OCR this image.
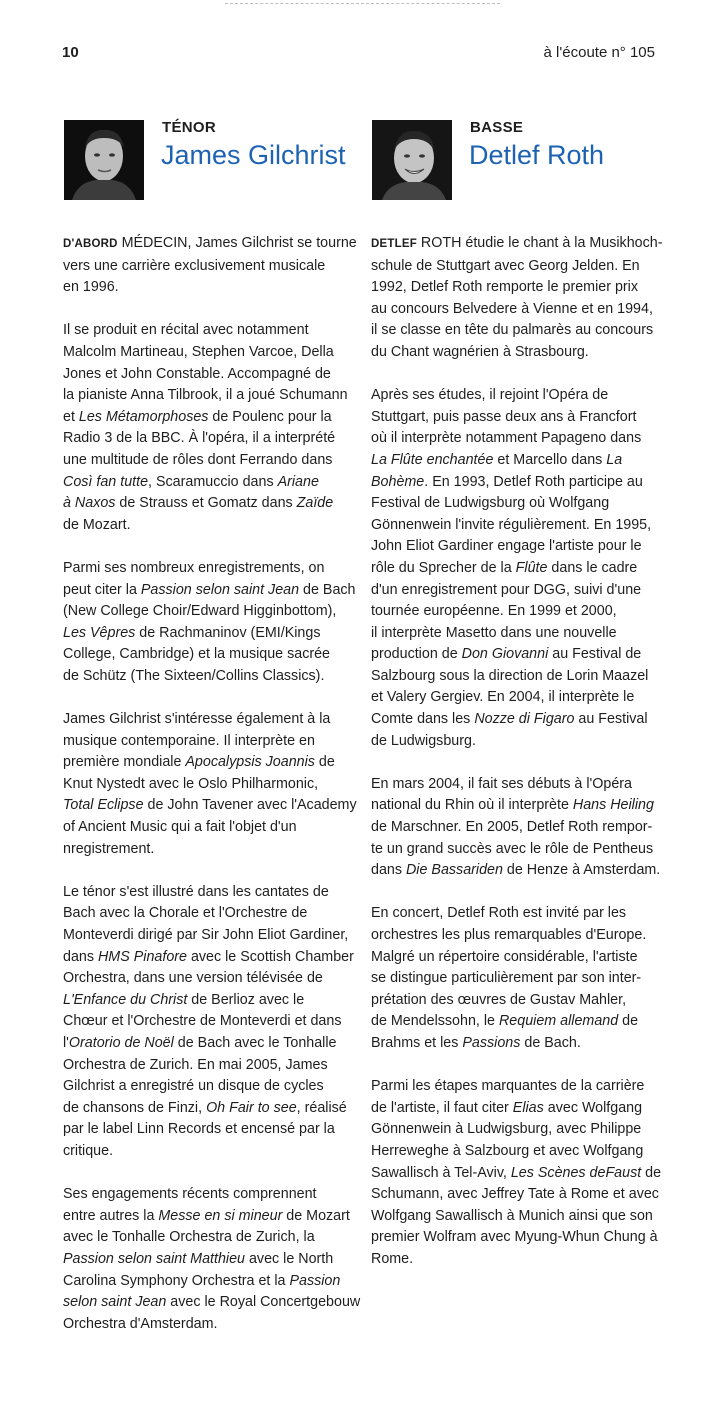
10	à l'écoute n° 105
TÉNOR
James Gilchrist
BASSE
Detlef Roth

D'ABORD MÉDECIN, James Gilchrist se tourne
vers une carrière exclusivement musicale
en 1996.

Il se produit en récital avec notamment
Malcolm Martineau, Stephen Varcoe, Della
Jones et John Constable. Accompagné de
la pianiste Anna Tilbrook, il a joué Schumann
et Les Métamorphoses de Poulenc pour la
Radio 3 de la BBC. À l'opéra, il a interprété
une multitude de rôles dont Ferrando dans
Così fan tutte, Scaramuccio dans Ariane
à Naxos de Strauss et Gomatz dans Zaïde
de Mozart.

Parmi ses nombreux enregistrements, on
peut citer la Passion selon saint Jean de Bach
(New College Choir/Edward Higginbottom),
Les Vêpres de Rachmaninov (EMI/Kings
College, Cambridge) et la musique sacrée
de Schütz (The Sixteen/Collins Classics).

James Gilchrist s'intéresse également à la
musique contemporaine. Il interprète en
première mondiale Apocalypsis Joannis de
Knut Nystedt avec le Oslo Philharmonic,
Total Eclipse de John Tavener avec l'Academy
of Ancient Music qui a fait l'objet d'un
nregistrement.

Le ténor s'est illustré dans les cantates de
Bach avec la Chorale et l'Orchestre de
Monteverdi dirigé par Sir John Eliot Gardiner,
dans HMS Pinafore avec le Scottish Chamber
Orchestra, dans une version télévisée de
L'Enfance du Christ de Berlioz avec le
Chœur et l'Orchestre de Monteverdi et dans
l'Oratorio de Noël de Bach avec le Tonhalle
Orchestra de Zurich. En mai 2005, James
Gilchrist a enregistré un disque de cycles
de chansons de Finzi, Oh Fair to see, réalisé
par le label Linn Records et encensé par la
critique.

Ses engagements récents comprennent
entre autres la Messe en si mineur de Mozart
avec le Tonhalle Orchestra de Zurich, la
Passion selon saint Matthieu avec le North
Carolina Symphony Orchestra et la Passion
selon saint Jean avec le Royal Concertgebouw
Orchestra d'Amsterdam.

DETLEF ROTH étudie le chant à la Musikhoch-
schule de Stuttgart avec Georg Jelden. En
1992, Detlef Roth remporte le premier prix
au concours Belvedere à Vienne et en 1994,
il se classe en tête du palmarès au concours
du Chant wagnérien à Strasbourg.

Après ses études, il rejoint l'Opéra de
Stuttgart, puis passe deux ans à Francfort
où il interprète notamment Papageno dans
La Flûte enchantée et Marcello dans La
Bohème. En 1993, Detlef Roth participe au
Festival de Ludwigsburg où Wolfgang
Gönnenwein l'invite régulièrement. En 1995,
John Eliot Gardiner engage l'artiste pour le
rôle du Sprecher de la Flûte dans le cadre
d'un enregistrement pour DGG, suivi d'une
tournée européenne. En 1999 et 2000,
il interprète Masetto dans une nouvelle
production de Don Giovanni au Festival de
Salzbourg sous la direction de Lorin Maazel
et Valery Gergiev. En 2004, il interprète le
Comte dans les Nozze di Figaro au Festival
de Ludwigsburg.

En mars 2004, il fait ses débuts à l'Opéra
national du Rhin où il interprète Hans Heiling
de Marschner. En 2005, Detlef Roth rempor-
te un grand succès avec le rôle de Pentheus
dans Die Bassariden de Henze à Amsterdam.

En concert, Detlef Roth est invité par les
orchestres les plus remarquables d'Europe.
Malgré un répertoire considérable, l'artiste
se distingue particulièrement par son inter-
prétation des œuvres de Gustav Mahler,
de Mendelssohn, le Requiem allemand de
Brahms et les Passions de Bach.

Parmi les étapes marquantes de la carrière
de l'artiste, il faut citer Elias avec Wolfgang
Gönnenwein à Ludwigsburg, avec Philippe
Herreweghe à Salzbourg et avec Wolfgang
Sawallisch à Tel-Aviv, Les Scènes deFaust de
Schumann, avec Jeffrey Tate à Rome et avec
Wolfgang Sawallisch à Munich ainsi que son
premier Wolfram avec Myung-Whun Chung à
Rome.
